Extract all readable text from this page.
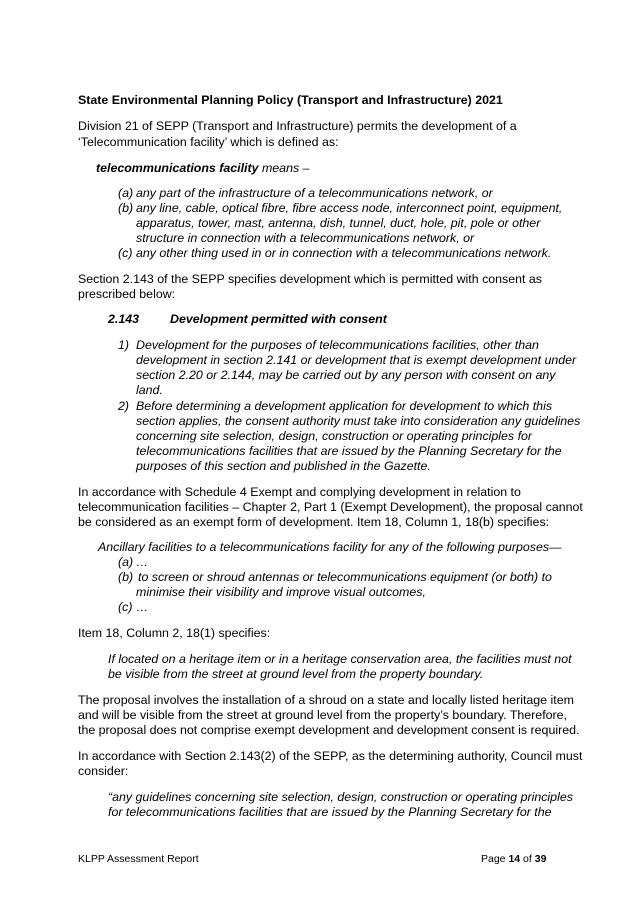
State Environmental Planning Policy (Transport and Infrastructure) 2021
Division 21 of SEPP (Transport and Infrastructure) permits the development of a
‘Telecommunication facility’ which is defined as:
telecommunications facility means –
(a) any part of the infrastructure of a telecommunications network, or
(b) any line, cable, optical fibre, fibre access node, interconnect point, equipment,
apparatus, tower, mast, antenna, dish, tunnel, duct, hole, pit, pole or other
structure in connection with a telecommunications network, or
(c) any other thing used in or in connection with a telecommunications network.
Section 2.143 of the SEPP specifies development which is permitted with consent as
prescribed below:
2.143 Development permitted with consent
1) Development for the purposes of telecommunications facilities, other than
development in section 2.141 or development that is exempt development under
section 2.20 or 2.144, may be carried out by any person with consent on any
land.
2) Before determining a development application for development to which this
section applies, the consent authority must take into consideration any guidelines
concerning site selection, design, construction or operating principles for
telecommunications facilities that are issued by the Planning Secretary for the
purposes of this section and published in the Gazette.
In accordance with Schedule 4 Exempt and complying development in relation to
telecommunication facilities – Chapter 2, Part 1 (Exempt Development), the proposal cannot
be considered as an exempt form of development. Item 18, Column 1, 18(b) specifies:
Ancillary facilities to a telecommunications facility for any of the following purposes—
(a) …
(b) to screen or shroud antennas or telecommunications equipment (or both) to
minimise their visibility and improve visual outcomes,
(c) …
Item 18, Column 2, 18(1) specifies:
If located on a heritage item or in a heritage conservation area, the facilities must not
be visible from the street at ground level from the property boundary.
The proposal involves the installation of a shroud on a state and locally listed heritage item
and will be visible from the street at ground level from the property’s boundary. Therefore,
the proposal does not comprise exempt development and development consent is required.
In accordance with Section 2.143(2) of the SEPP, as the determining authority, Council must
consider:
“any guidelines concerning site selection, design, construction or operating principles
for telecommunications facilities that are issued by the Planning Secretary for the
KLPP Assessment Report	Page 14 of 39
